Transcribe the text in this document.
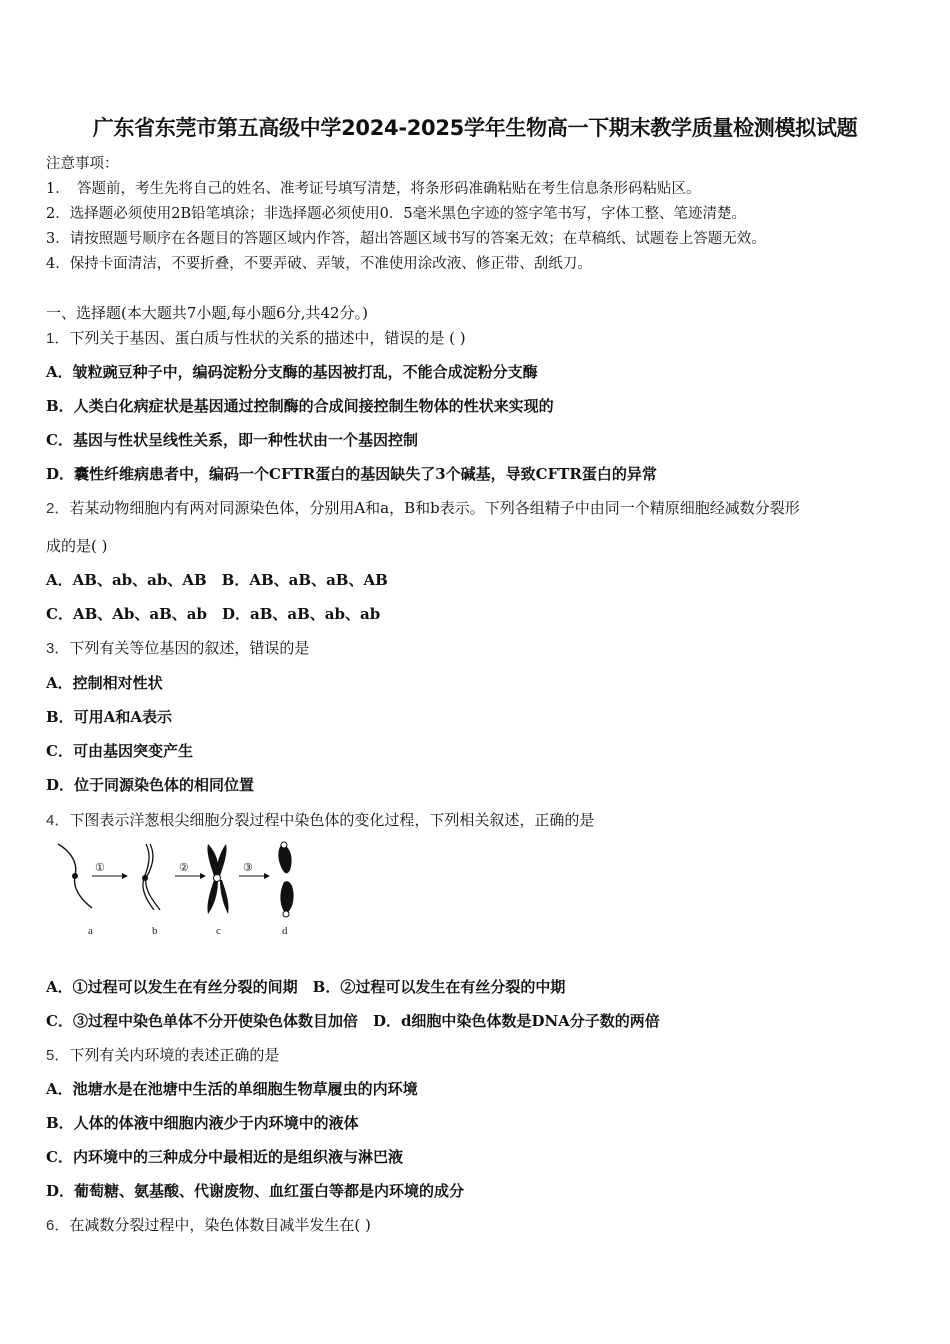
广东省东莞市第五高级中学2024-2025学年生物高一下期末教学质量检测模拟试题
注意事项：
1．　答题前，考生先将自己的姓名、准考证号填写清楚，将条形码准确粘贴在考生信息条形码粘贴区。
2．选择题必须使用2B铅笔填涂；非选择题必须使用0．5毫米黑色字迹的签字笔书写，字体工整、笔迹清楚。
3．请按照题号顺序在各题目的答题区域内作答，超出答题区域书写的答案无效；在草稿纸、试题卷上答题无效。
4．保持卡面清洁，不要折叠，不要弄破、弄皱，不准使用涂改液、修正带、刮纸刀。
一、选择题(本大题共7小题,每小题6分,共42分。)
1．下列关于基因、蛋白质与性状的关系的描述中，错误的是 ( )
A．皱粒豌豆种子中，编码淀粉分支酶的基因被打乱，不能合成淀粉分支酶
B．人类白化病症状是基因通过控制酶的合成间接控制生物体的性状来实现的
C．基因与性状呈线性关系，即一种性状由一个基因控制
D．囊性纤维病患者中，编码一个CFTR蛋白的基因缺失了3个碱基，导致CFTR蛋白的异常
2．若某动物细胞内有两对同源染色体，分别用A和a，B和b表示。下列各组精子中由同一个精原细胞经减数分裂形
成的是( )
A．AB、ab、ab、AB　B．AB、aB、aB、AB
C．AB、Ab、aB、ab　D．aB、aB、ab、ab
3．下列有关等位基因的叙述，错误的是
A．控制相对性状
B．可用A和A表示
C．可由基因突变产生
D．位于同源染色体的相同位置
4．下图表示洋葱根尖细胞分裂过程中染色体的变化过程，下列相关叙述，正确的是
①	②	③
a	b	c	d
A．①过程可以发生在有丝分裂的间期　B．②过程可以发生在有丝分裂的中期
C．③过程中染色单体不分开使染色体数目加倍　D．d细胞中染色体数是DNA分子数的两倍
5．下列有关内环境的表述正确的是
A．池塘水是在池塘中生活的单细胞生物草履虫的内环境
B．人体的体液中细胞内液少于内环境中的液体
C．内环境中的三种成分中最相近的是组织液与淋巴液
D．葡萄糖、氨基酸、代谢废物、血红蛋白等都是内环境的成分
6．在减数分裂过程中，染色体数目减半发生在( )
